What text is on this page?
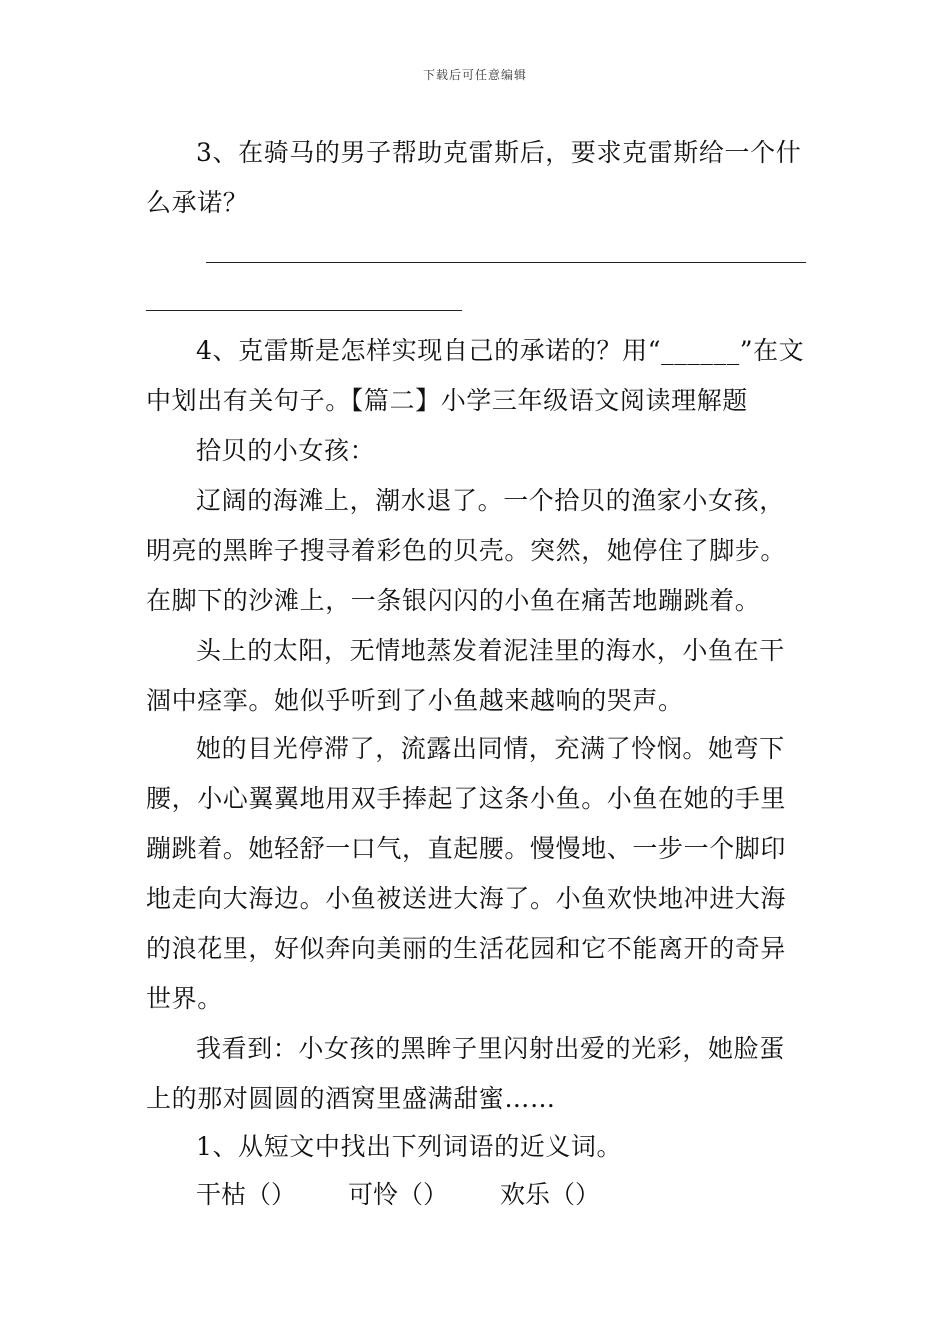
下载后可任意编辑

3、在骑马的男子帮助克雷斯后，要求克雷斯给一个什么承诺？

4、克雷斯是怎样实现自己的承诺的？用“______”在文中划出有关句子。【篇二】小学三年级语文阅读理解题

拾贝的小女孩：

辽阔的海滩上，潮水退了。一个拾贝的渔家小女孩，明亮的黑眸子搜寻着彩色的贝壳。突然，她停住了脚步。在脚下的沙滩上，一条银闪闪的小鱼在痛苦地蹦跳着。

头上的太阳，无情地蒸发着泥洼里的海水，小鱼在干涸中痉挛。她似乎听到了小鱼越来越响的哭声。

她的目光停滞了，流露出同情，充满了怜悯。她弯下腰，小心翼翼地用双手捧起了这条小鱼。小鱼在她的手里蹦跳着。她轻舒一口气，直起腰。慢慢地、一步一个脚印地走向大海边。小鱼被送进大海了。小鱼欢快地冲进大海的浪花里，好似奔向美丽的生活花园和它不能离开的奇异世界。

我看到：小女孩的黑眸子里闪射出爱的光彩，她脸蛋上的那对圆圆的酒窝里盛满甜蜜……

1、从短文中找出下列词语的近义词。

干枯（） 可怜（） 欢乐（）
